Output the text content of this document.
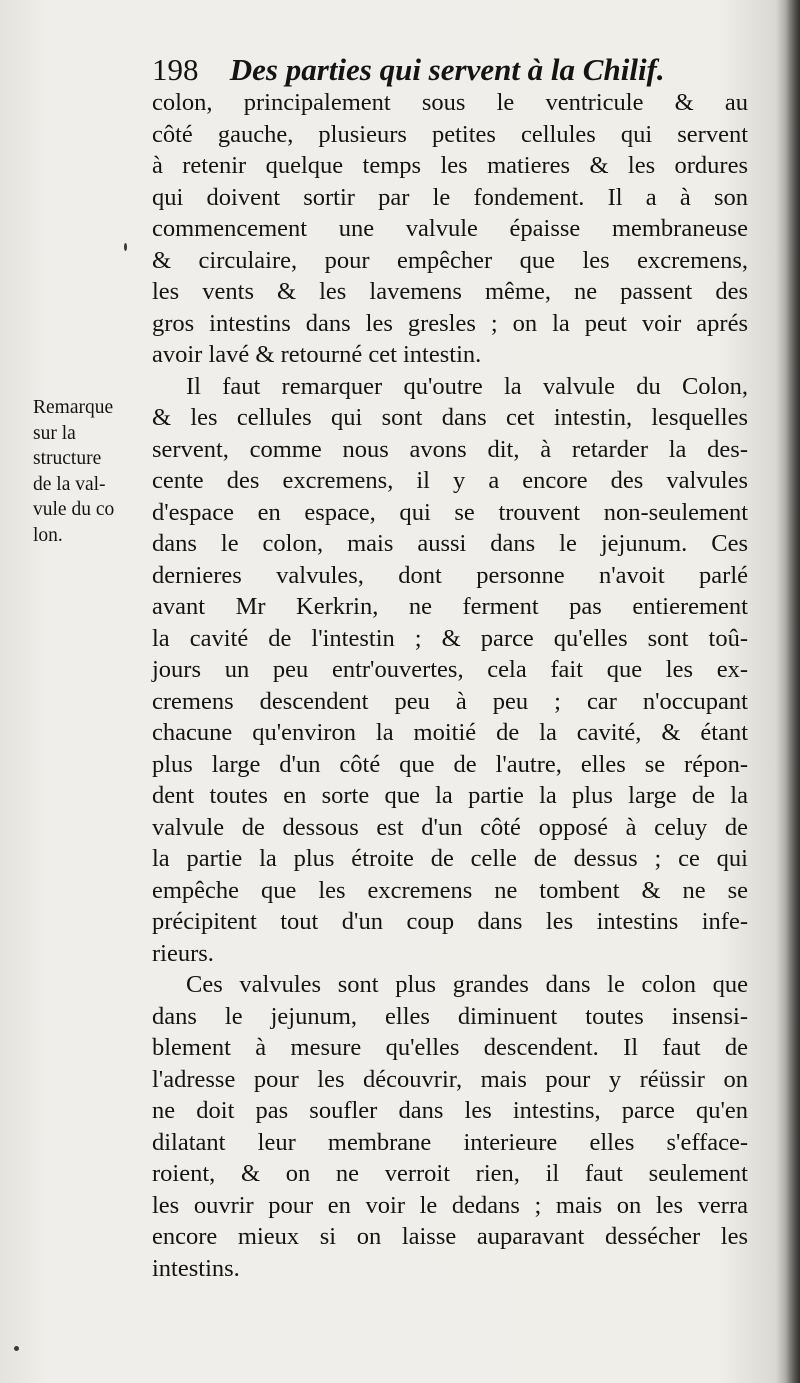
198 Des parties qui servent à la Chilif.
Remarque
sur la
structure
de la val-
vule du co
lon.
colon, principalement sous le ventricule & au
côté gauche, plusieurs petites cellules qui servent
à retenir quelque temps les matieres & les ordures
qui doivent sortir par le fondement. Il a à son
commencement une valvule épaisse membraneuse
& circulaire, pour empêcher que les excremens,
les vents & les lavemens même, ne passent des
gros intestins dans les gresles ; on la peut voir aprés
avoir lavé & retourné cet intestin.
Il faut remarquer qu'outre la valvule du Colon,
& les cellules qui sont dans cet intestin, lesquelles
servent, comme nous avons dit, à retarder la des-
cente des excremens, il y a encore des valvules
d'espace en espace, qui se trouvent non-seulement
dans le colon, mais aussi dans le jejunum. Ces
dernieres valvules, dont personne n'avoit parlé
avant Mr Kerkrin, ne ferment pas entierement
la cavité de l'intestin ; & parce qu'elles sont toû-
jours un peu entr'ouvertes, cela fait que les ex-
cremens descendent peu à peu ; car n'occupant
chacune qu'environ la moitié de la cavité, & étant
plus large d'un côté que de l'autre, elles se répon-
dent toutes en sorte que la partie la plus large de la
valvule de dessous est d'un côté opposé à celuy de
la partie la plus étroite de celle de dessus ; ce qui
empêche que les excremens ne tombent & ne se
précipitent tout d'un coup dans les intestins infe-
rieurs.
Ces valvules sont plus grandes dans le colon que
dans le jejunum, elles diminuent toutes insensi-
blement à mesure qu'elles descendent. Il faut de
l'adresse pour les découvrir, mais pour y réüssir on
ne doit pas soufler dans les intestins, parce qu'en
dilatant leur membrane interieure elles s'efface-
roient, & on ne verroit rien, il faut seulement
les ouvrir pour en voir le dedans ; mais on les verra
encore mieux si on laisse auparavant dessécher les
intestins.
